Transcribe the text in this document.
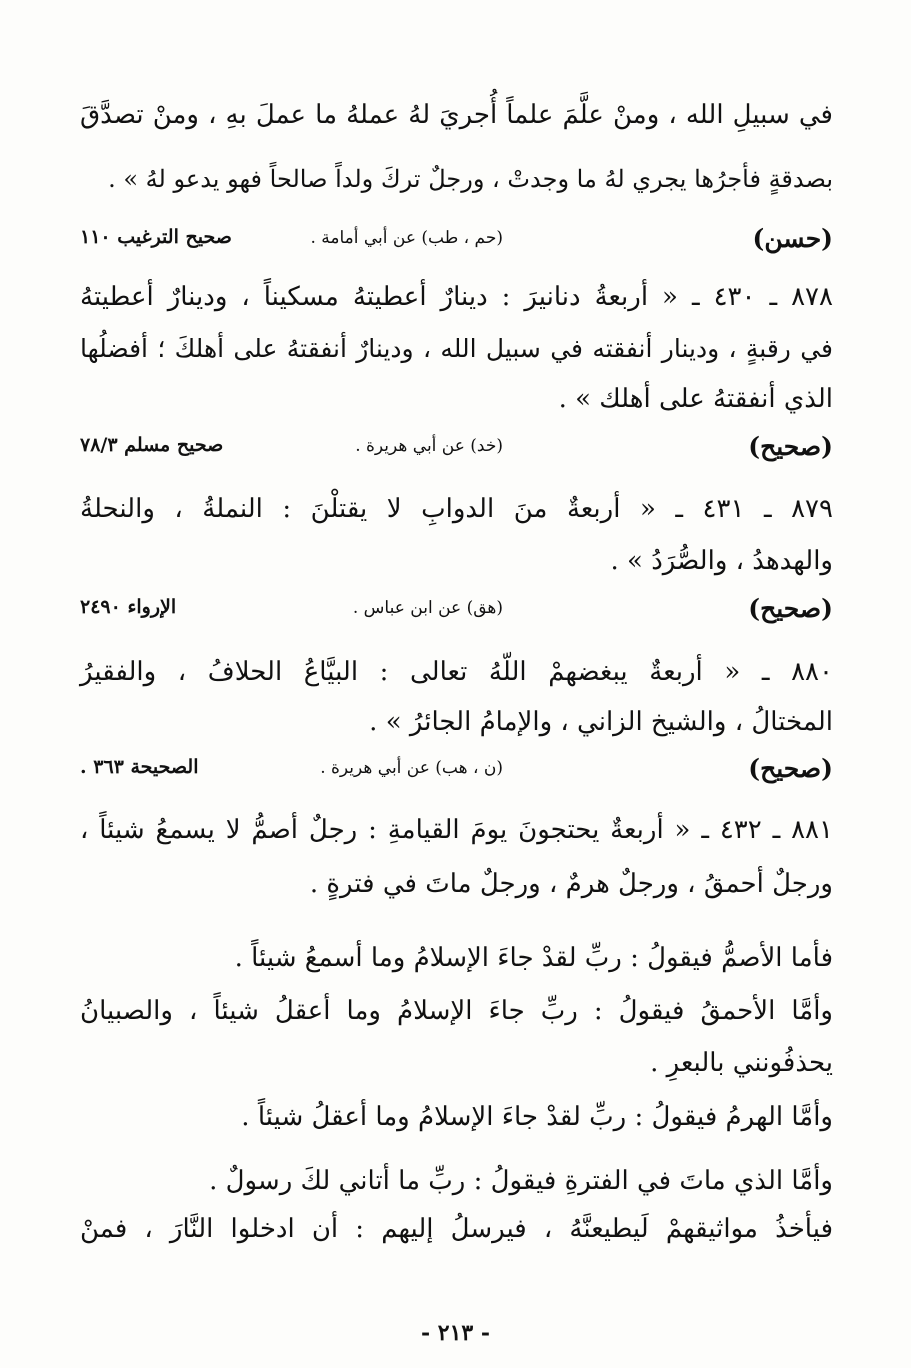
في سبيلِ الله ، ومنْ علَّمَ علماً أُجريَ لهُ عملهُ ما عملَ بهِ ، ومنْ تصدَّقَ
بصدقةٍ فأجرُها يجري لهُ ما وجدتْ ، ورجلٌ تركَ ولداً صالحاً فهو يدعو لهُ » .
(حسن)
(حم ، طب) عن أبي أمامة .
صحيح الترغيب ١١٠
٨٧٨ ـ ٤٣٠ ـ « أربعةُ دنانيرَ : دينارٌ أعطيتهُ مسكيناً ، ودينارٌ أعطيتهُ
في رقبةٍ ، ودينار أنفقته في سبيل الله ، ودينارٌ أنفقتهُ على أهلكَ ؛ أفضلُها
الذي أنفقتهُ على أهلك » .
(صحيح)
(خد) عن أبي هريرة .
صحيح مسلم ٧٨/٣
٨٧٩ ـ ٤٣١ ـ « أربعةٌ منَ الدوابِ لا يقتلْنَ : النملةُ ، والنحلةُ
والهدهدُ ، والصُّرَدُ » .
(صحيح)
(هق) عن ابن عباس .
الإرواء ٢٤٩٠
٨٨٠ ـ « أربعةٌ يبغضهمْ اللّهُ تعالى : البيَّاعُ الحلافُ ، والفقيرُ
المختالُ ، والشيخ الزاني ، والإمامُ الجائرُ » .
(صحيح)
(ن ، هب) عن أبي هريرة .
الصحيحة ٣٦٣ .
٨٨١ ـ ٤٣٢ ـ « أربعةٌ يحتجونَ يومَ القيامةِ : رجلٌ أصمُّ لا يسمعُ شيئاً ،
ورجلٌ أحمقُ ، ورجلٌ هرمٌ ، ورجلٌ ماتَ في فترةٍ .
فأما الأصمُّ فيقولُ : ربِّ لقدْ جاءَ الإسلامُ وما أسمعُ شيئاً .
وأمَّا الأحمقُ فيقولُ : ربِّ جاءَ الإسلامُ وما أعقلُ شيئاً ، والصبيانُ
يحذفُونني بالبعرِ .
وأمَّا الهرمُ فيقولُ : ربِّ لقدْ جاءَ الإسلامُ وما أعقلُ شيئاً .
وأمَّا الذي ماتَ في الفترةِ فيقولُ : ربِّ ما أتاني لكَ رسولٌ .
فيأخذُ مواثيقهمْ لَيطيعنَّهُ ، فيرسلُ إليهم : أن ادخلوا النَّارَ ، فمنْ
- ٢١٣ -
